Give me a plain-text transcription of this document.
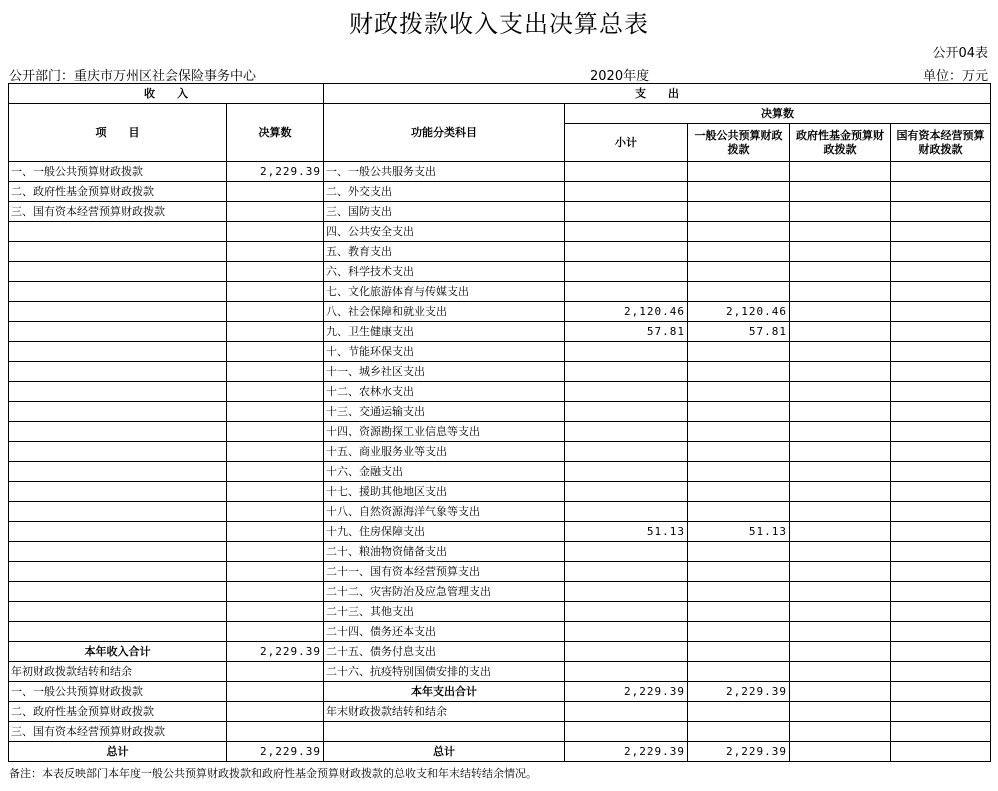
财政拨款收入支出决算总表
公开04表
公开部门：重庆市万州区社会保险事务中心	2020年度	单位：万元
收　　入		支　　出				
项　　目	决算数	功能分类科目	决算数			
			小计	一般公共预算财政拨款	政府性基金预算财政拨款	国有资本经营预算财政拨款

一、一般公共预算财政拨款	2,229.39	一、一般公共服务支出				
二、政府性基金预算财政拨款		二、外交支出				
三、国有资本经营预算财政拨款		三、国防支出				
		四、公共安全支出				
		五、教育支出				
		六、科学技术支出				
		七、文化旅游体育与传媒支出				
		八、社会保障和就业支出	2,120.46	2,120.46		
		九、卫生健康支出	57.81	57.81		
		十、节能环保支出				
		十一、城乡社区支出				
		十二、农林水支出				
		十三、交通运输支出				
		十四、资源勘探工业信息等支出				
		十五、商业服务业等支出				
		十六、金融支出				
		十七、援助其他地区支出				
		十八、自然资源海洋气象等支出				
		十九、住房保障支出	51.13	51.13		
		二十、粮油物资储备支出				
		二十一、国有资本经营预算支出				
		二十二、灾害防治及应急管理支出				
		二十三、其他支出				
		二十四、债务还本支出				
本年收入合计	2,229.39	二十五、债务付息支出				
年初财政拨款结转和结余		二十六、抗疫特别国债安排的支出				
一、一般公共预算财政拨款		本年支出合计	2,229.39	2,229.39		
二、政府性基金预算财政拨款		年末财政拨款结转和结余				
三、国有资本经营预算财政拨款						
总计	2,229.39	总计	2,229.39	2,229.39		
备注：本表反映部门本年度一般公共预算财政拨款和政府性基金预算财政拨款的总收支和年末结转结余情况。
